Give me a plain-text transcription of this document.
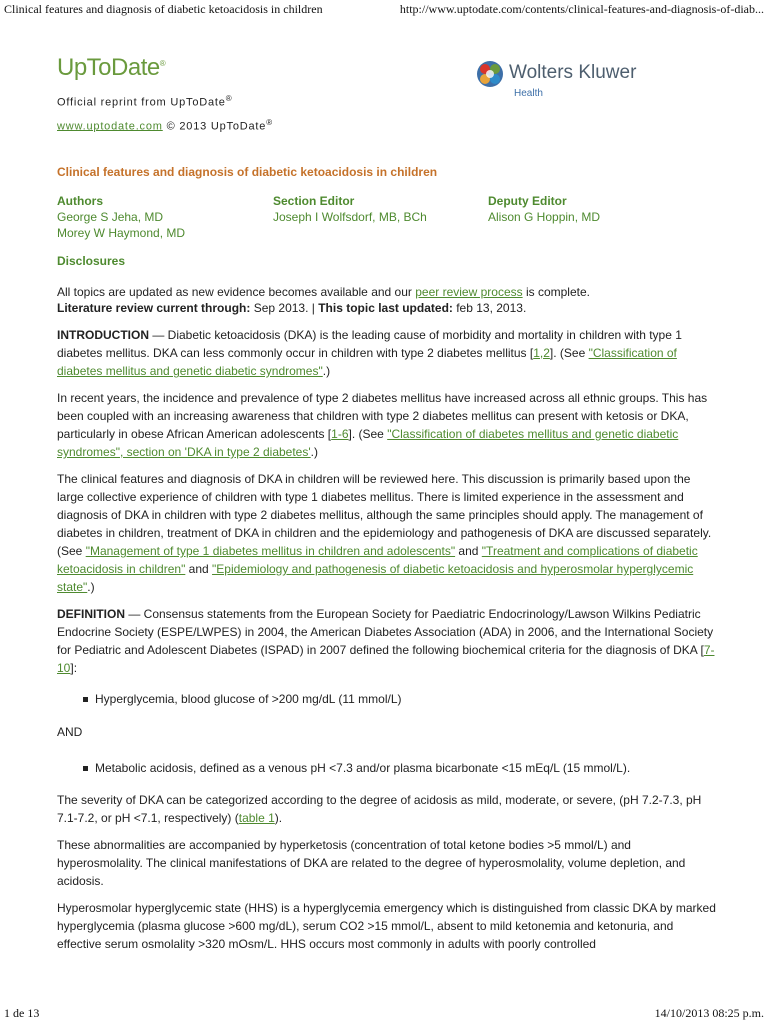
Clinical features and diagnosis of diabetic ketoacidosis in children	http://www.uptodate.com/contents/clinical-features-and-diagnosis-of-diab...
UpToDate®	Wolters Kluwer
Health
Official reprint from UpToDate®
www.uptodate.com © 2013 UpToDate®
Clinical features and diagnosis of diabetic ketoacidosis in children
Authors
George S Jeha, MD
Morey W Haymond, MD
Section Editor
Joseph I Wolfsdorf, MB, BCh
Deputy Editor
Alison G Hoppin, MD
Disclosures
All topics are updated as new evidence becomes available and our peer review process is complete.

Literature review current through: Sep 2013. | This topic last updated: feb 13, 2013.

INTRODUCTION — Diabetic ketoacidosis (DKA) is the leading cause of morbidity and mortality in children with type 1 diabetes mellitus. DKA can less commonly occur in children with type 2 diabetes mellitus [1,2]. (See "Classification of diabetes mellitus and genetic diabetic syndromes".)

In recent years, the incidence and prevalence of type 2 diabetes mellitus have increased across all ethnic groups. This has been coupled with an increasing awareness that children with type 2 diabetes mellitus can present with ketosis or DKA, particularly in obese African American adolescents [1-6]. (See "Classification of diabetes mellitus and genetic diabetic syndromes", section on 'DKA in type 2 diabetes'.)

The clinical features and diagnosis of DKA in children will be reviewed here. This discussion is primarily based upon the large collective experience of children with type 1 diabetes mellitus. There is limited experience in the assessment and diagnosis of DKA in children with type 2 diabetes mellitus, although the same principles should apply. The management of diabetes in children, treatment of DKA in children and the epidemiology and pathogenesis of DKA are discussed separately. (See "Management of type 1 diabetes mellitus in children and adolescents" and "Treatment and complications of diabetic ketoacidosis in children" and "Epidemiology and pathogenesis of diabetic ketoacidosis and hyperosmolar hyperglycemic state".)

DEFINITION — Consensus statements from the European Society for Paediatric Endocrinology/Lawson Wilkins Pediatric Endocrine Society (ESPE/LWPES) in 2004, the American Diabetes Association (ADA) in 2006, and the International Society for Pediatric and Adolescent Diabetes (ISPAD) in 2007 defined the following biochemical criteria for the diagnosis of DKA [7-10]:

Hyperglycemia, blood glucose of >200 mg/dL (11 mmol/L)
AND
Metabolic acidosis, defined as a venous pH <7.3 and/or plasma bicarbonate <15 mEq/L (15 mmol/L).

The severity of DKA can be categorized according to the degree of acidosis as mild, moderate, or severe, (pH 7.2-7.3, pH 7.1-7.2, or pH <7.1, respectively) (table 1).

These abnormalities are accompanied by hyperketosis (concentration of total ketone bodies >5 mmol/L) and hyperosmolality. The clinical manifestations of DKA are related to the degree of hyperosmolality, volume depletion, and acidosis.

Hyperosmolar hyperglycemic state (HHS) is a hyperglycemia emergency which is distinguished from classic DKA by marked hyperglycemia (plasma glucose >600 mg/dL), serum CO2 >15 mmol/L, absent to mild ketonemia and ketonuria, and effective serum osmolality >320 mOsm/L. HHS occurs most commonly in adults with poorly controlled

1 de 13	14/10/2013 08:25 p.m.
